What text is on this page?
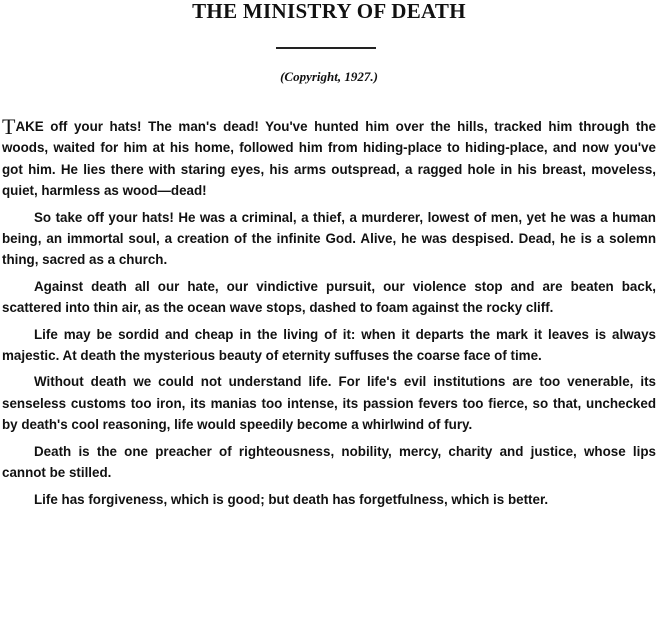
THE MINISTRY OF DEATH
(Copyright, 1927.)

TAKE off your hats! The man's dead! You've hunted him over the hills, tracked him through the woods, waited for him at his home, followed him from hiding-place to hiding-place, and now you've got him. He lies there with staring eyes, his arms outspread, a ragged hole in his breast, moveless, quiet, harmless as wood—dead!

So take off your hats! He was a criminal, a thief, a murderer, lowest of men, yet he was a human being, an immortal soul, a creation of the infinite God. Alive, he was despised. Dead, he is a solemn thing, sacred as a church.

Against death all our hate, our vindictive pursuit, our violence stop and are beaten back, scattered into thin air, as the ocean wave stops, dashed to foam against the rocky cliff.

Life may be sordid and cheap in the living of it: when it departs the mark it leaves is always majestic. At death the mysterious beauty of eternity suffuses the coarse face of time.

Without death we could not understand life. For life's evil institutions are too venerable, its senseless customs too iron, its manias too intense, its passion fevers too fierce, so that, unchecked by death's cool reasoning, life would speedily become a whirlwind of fury.

Death is the one preacher of righteousness, nobility, mercy, charity and justice, whose lips cannot be stilled.

Life has forgiveness, which is good; but death has forgetfulness, which is better.
